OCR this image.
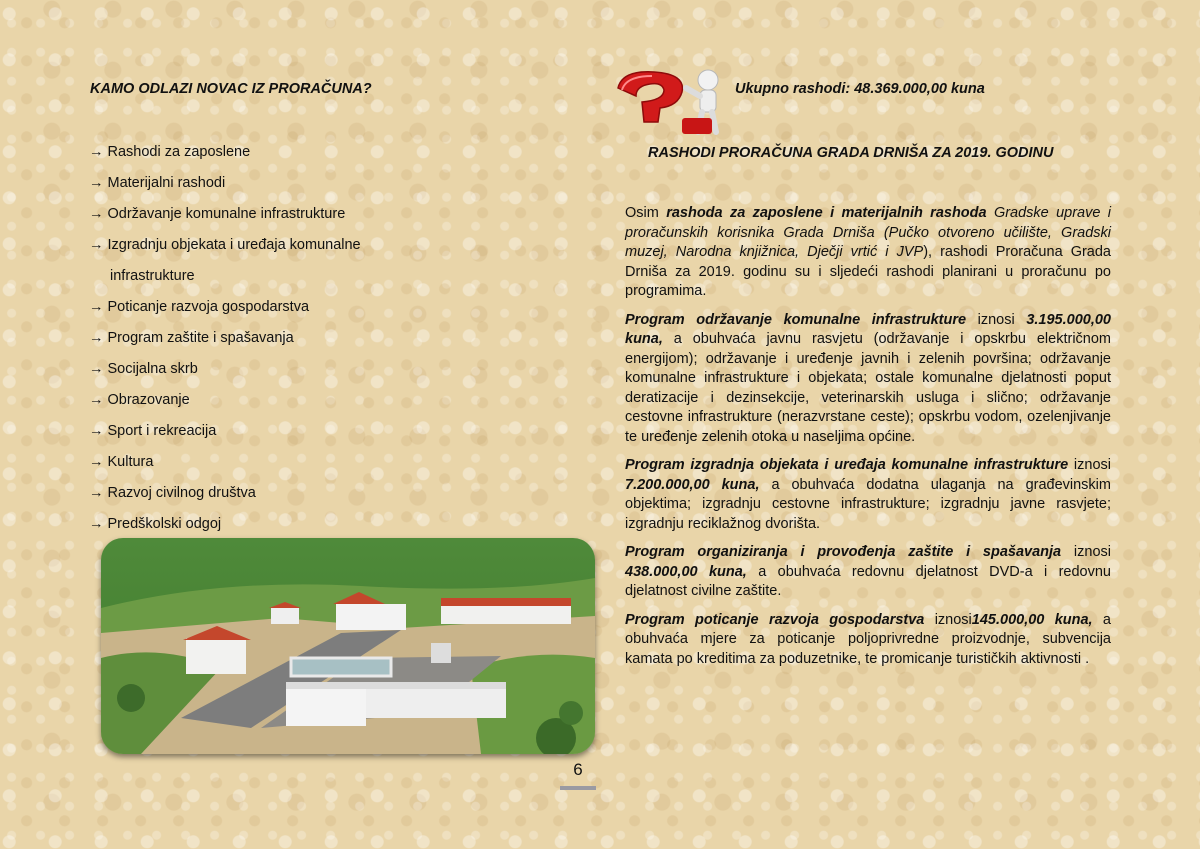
KAMO ODLAZI NOVAC IZ PRORAČUNA?
→ Rashodi za zaposlene
→ Materijalni rashodi
→ Održavanje komunalne infrastrukture
→ Izgradnju objekata i uređaja komunalne
infrastrukture
→ Poticanje razvoja gospodarstva
→ Program zaštite i spašavanja
→ Socijalna skrb
→ Obrazovanje
→ Sport i rekreacija
→ Kultura
→ Razvoj civilnog društva
→ Predškolski odgoj
6
Ukupno rashodi: 48.369.000,00 kuna
RASHODI PRORAČUNA GRADA DRNIŠA ZA 2019. GODINU

Osim rashoda za zaposlene i materijalnih rashoda Gradske uprave i proračunskih korisnika Grada Drniša (Pučko otvoreno učilište, Gradski muzej, Narodna knjižnica, Dječji vrtić i JVP), rashodi Proračuna Grada Drniša za 2019. godinu su i sljedeći rashodi planirani u proračunu po programima.

Program održavanje komunalne infrastrukture iznosi 3.195.000,00 kuna, a obuhvaća javnu rasvjetu (održavanje i opskrbu električnom energijom); održavanje i uređenje javnih i zelenih površina; održavanje komunalne infrastrukture i objekata; ostale komunalne djelatnosti poput deratizacije i dezinsekcije, veterinarskih usluga i slično; održavanje cestovne infrastrukture (nerazvrstane ceste); opskrbu vodom, ozelenjivanje te uređenje zelenih otoka u naseljima općine.

Program izgradnja objekata i uređaja komunalne infrastrukture iznosi 7.200.000,00 kuna, a obuhvaća dodatna ulaganja na građevinskim objektima; izgradnju cestovne infrastrukture; izgradnju javne rasvjete; izgradnju reciklažnog dvorišta.

Program organiziranja i provođenja zaštite i spašavanja iznosi 438.000,00 kuna, a obuhvaća redovnu djelatnost DVD-a i redovnu djelatnost civilne zaštite.

Program poticanje razvoja gospodarstva iznosi145.000,00 kuna, a obuhvaća mjere za poticanje poljoprivredne proizvodnje, subvencija kamata po kreditima za poduzetnike, te promicanje turističkih aktivnosti .
